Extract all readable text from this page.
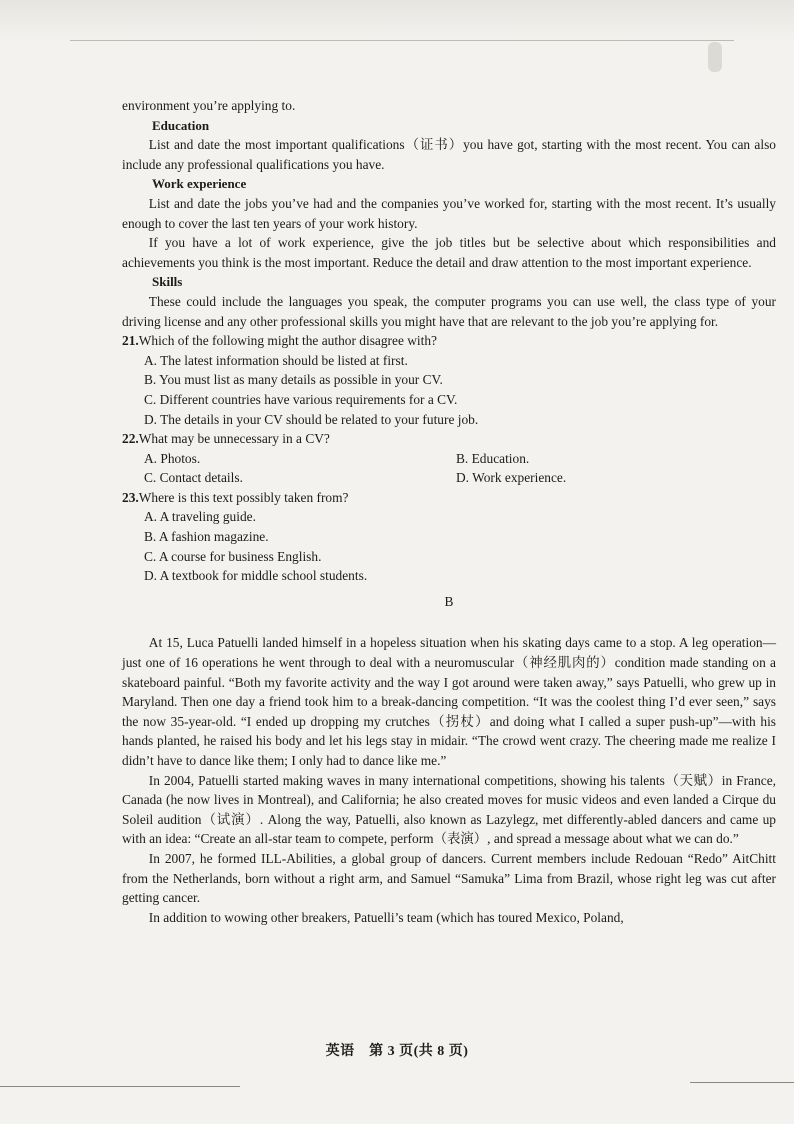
environment you’re applying to.

Education

List and date the most important qualifications（证书）you have got, starting with the most recent. You can also include any professional qualifications you have.

Work experience

List and date the jobs you’ve had and the companies you’ve worked for, starting with the most recent. It’s usually enough to cover the last ten years of your work history.

If you have a lot of work experience, give the job titles but be selective about which responsibilities and achievements you think is the most important. Reduce the detail and draw attention to the most important experience.

Skills

These could include the languages you speak, the computer programs you can use well, the class type of your driving license and any other professional skills you might have that are relevant to the job you’re applying for.

21.Which of the following might the author disagree with?
A. The latest information should be listed at first.
B. You must list as many details as possible in your CV.
C. Different countries have various requirements for a CV.
D. The details in your CV should be related to your future job.
22.What may be unnecessary in a CV?
A. Photos.	B. Education.
C. Contact details.	D. Work experience.
23.Where is this text possibly taken from?
A. A traveling guide.
B. A fashion magazine.
C. A course for business English.
D. A textbook for middle school students.

B

At 15, Luca Patuelli landed himself in a hopeless situation when his skating days came to a stop. A leg operation—just one of 16 operations he went through to deal with a neuromuscular（神经肌肉的）condition made standing on a skateboard painful. “Both my favorite activity and the way I got around were taken away,” says Patuelli, who grew up in Maryland. Then one day a friend took him to a break-dancing competition. “It was the coolest thing I’d ever seen,” says the now 35-year-old. “I ended up dropping my crutches（拐杖）and doing what I called a super push-up”—with his hands planted, he raised his body and let his legs stay in midair. “The crowd went crazy. The cheering made me realize I didn’t have to dance like them; I only had to dance like me.”

In 2004, Patuelli started making waves in many international competitions, showing his talents（天赋）in France, Canada (he now lives in Montreal), and California; he also created moves for music videos and even landed a Cirque du Soleil audition（试演）. Along the way, Patuelli, also known as Lazylegz, met differently-abled dancers and came up with an idea: “Create an all-star team to compete, perform（表演）, and spread a message about what we can do.”

In 2007, he formed ILL-Abilities, a global group of dancers. Current members include Redouan “Redo” AitChitt from the Netherlands, born without a right arm, and Samuel “Samuka” Lima from Brazil, whose right leg was cut after getting cancer.

In addition to wowing other breakers, Patuelli’s team (which has toured Mexico, Poland,

英语　第 3 页(共 8 页)
